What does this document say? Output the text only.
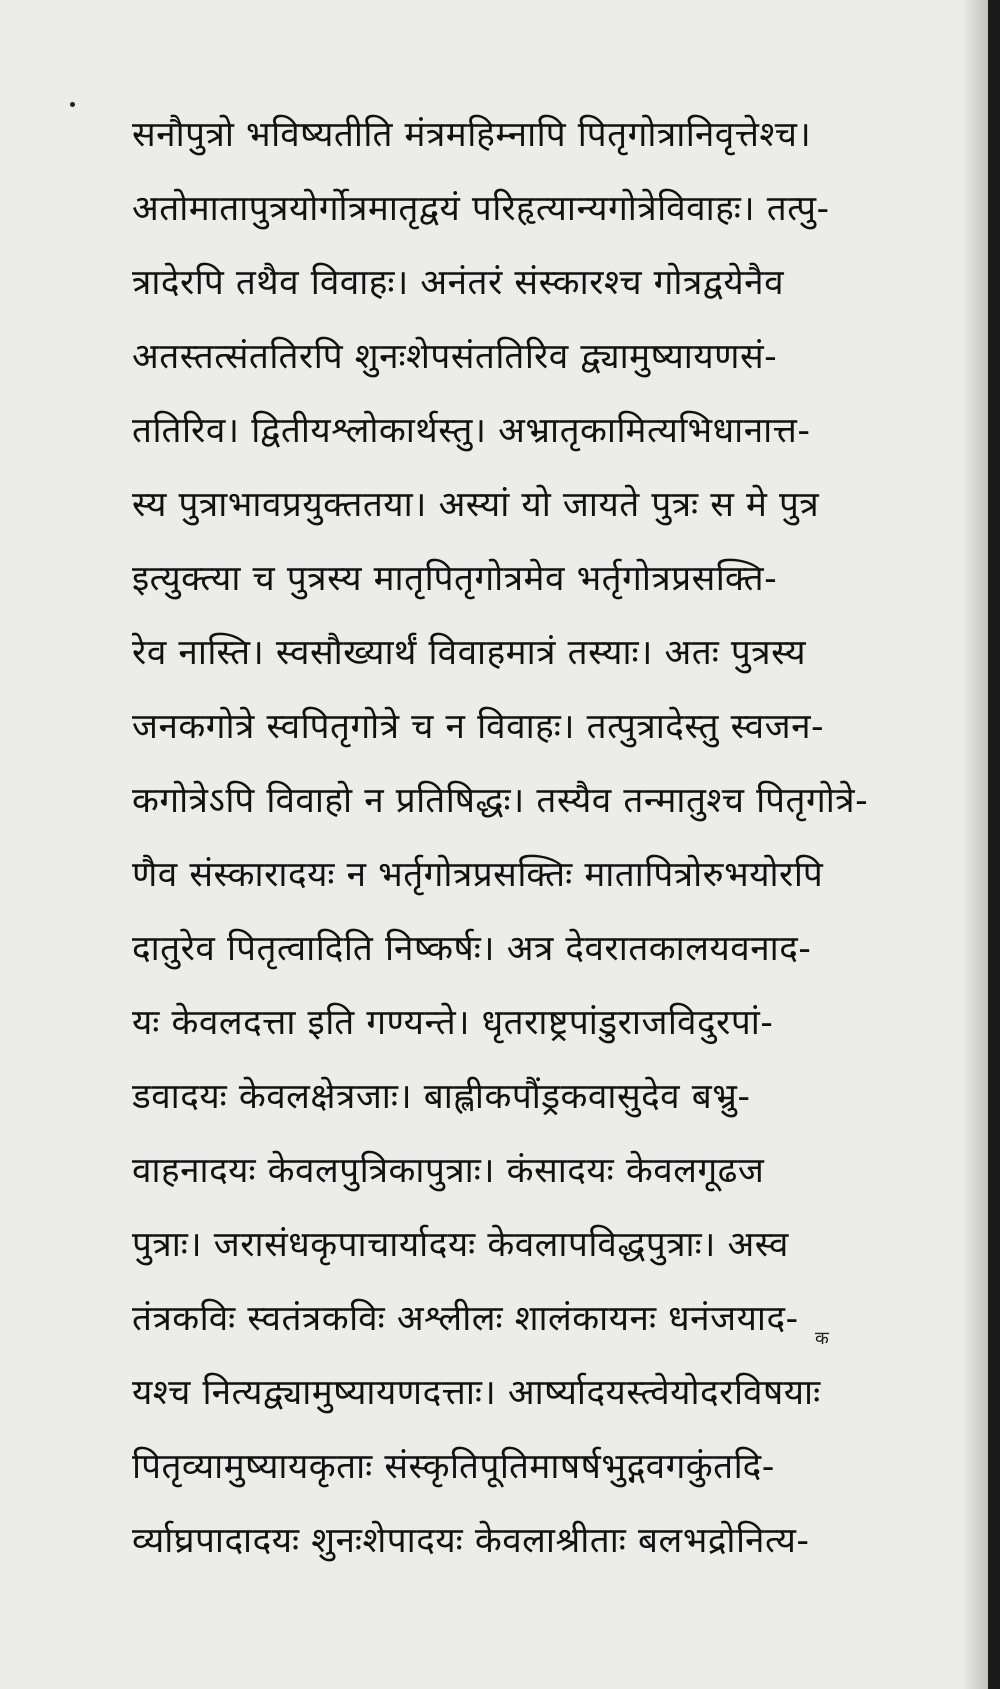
सनौपुत्रो भविष्यतीति मंत्रमहिम्नापि पितृगोत्रानिवृत्तेश्च।
अतोमातापुत्रयोर्गोत्रमातृद्वयं परिहृत्यान्यगोत्रेविवाहः। तत्पु-
त्रादेरपि तथैव विवाहः। अनंतरं संस्कारश्च गोत्रद्वयेनैव
अतस्तत्संततिरपि शुनःशेपसंततिरिव द्व्यामुष्यायणसं-
ततिरिव। द्वितीयश्लोकार्थस्तु। अभ्रातृकामित्यभिधानात्त-
स्य पुत्राभावप्रयुक्ततया। अस्यां यो जायते पुत्रः स मे पुत्र
इत्युक्त्या च पुत्रस्य मातृपितृगोत्रमेव भर्तृगोत्रप्रसक्ति-
रेव नास्ति। स्वसौख्यार्थं विवाहमात्रं तस्याः। अतः पुत्रस्य
जनकगोत्रे स्वपितृगोत्रे च न विवाहः। तत्पुत्रादेस्तु स्वजन-
कगोत्रेऽपि विवाहो न प्रतिषिद्धः। तस्यैव तन्मातुश्च पितृगोत्रे-
णैव संस्कारादयः न भर्तृगोत्रप्रसक्तिः मातापित्रोरुभयोरपि
दातुरेव पितृत्वादिति निष्कर्षः। अत्र देवरातकालयवनाद-
यः केवलदत्ता इति गण्यन्ते। धृतराष्ट्रपांडुराजविदुरपां-
डवादयः केवलक्षेत्रजाः। बाह्लीकपौंड्रकवासुदेव बभ्रु-
वाहनादयः केवलपुत्रिकापुत्राः। कंसादयः केवलगूढज
पुत्राः। जरासंधकृपाचार्यादयः केवलापविद्धपुत्राः। अस्व
तंत्रकविः स्वतंत्रकविः अश्लीलः शालंकायनः धनंजयाद-
यश्च नित्यद्व्यामुष्यायणदत्ताः। आर्ष्यादयस्त्वेयोदरविषयाः
पितृव्यामुष्यायकृताः संस्कृतिपूतिमाषर्षभुद्गवगकुंतदि-
र्व्याघ्रपादादयः शुनःशेपादयः केवलाश्रीताः बलभद्रोनित्य-
क
